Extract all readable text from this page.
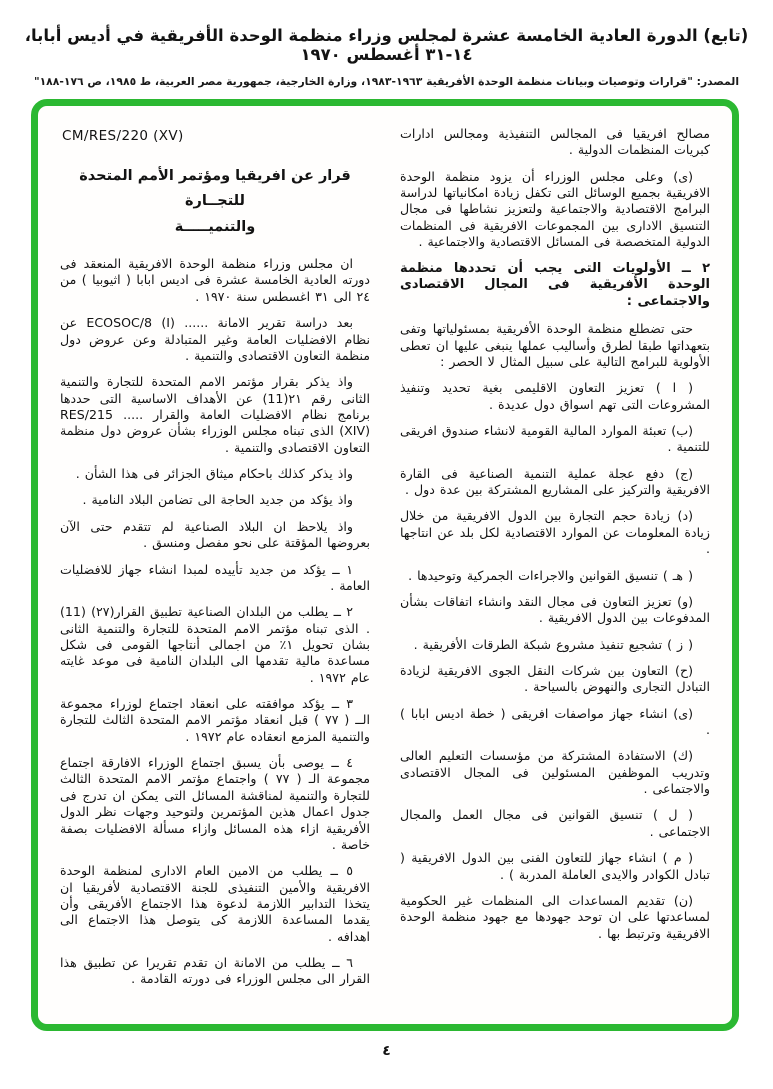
(تابع) الدورة العادية الخامسة عشرة لمجلس وزراء منظمة الوحدة الأفريقية في أديس أبابا، ١٤-٣١ أغسطس ١٩٧٠
المصدر: "قرارات وتوصيات وبيانات منظمة الوحدة الأفريقية ١٩٦٣-١٩٨٣، وزارة الخارجية، جمهورية مصر العربية، ط ١٩٨٥، ص ١٧٦-١٨٨"

مصالح افريقيا فى المجالس التنفيذية ومجالس ادارات كبريات المنظمات الدولية .

(ى) وعلى مجلس الوزراء أن يزود منظمة الوحدة الافريقية بجميع الوسائل التى تكفل زيادة امكانياتها لدراسة البرامج الاقتصادية والاجتماعية ولتعزيز نشاطها فى مجال التنسيق الادارى بين المجموعات الافريقية فى المنظمات الدولية المتخصصة فى المسائل الاقتصادية والاجتماعية .

٢ ــ الأولويات التى يجب أن تحددها منظمة الوحدة الأفريقية فى المجال الاقتصادى والاجتماعى :

حتى تضطلع منظمة الوحدة الأفريقية بمسئولياتها وتفى بتعهداتها طبقا لطرق وأساليب عملها ينبغى عليها ان تعطى الأولوية للبرامج التالية على سبيل المثال لا الحصر :

( ا ) تعزيز التعاون الاقليمى بغية تحديد وتنفيذ المشروعات التى تهم اسواق دول عديدة .

(ب) تعبئة الموارد المالية القومية لانشاء صندوق افريقى للتنمية .

(ج) دفع عجلة عملية التنمية الصناعية فى القارة الافريقية والتركيز على المشاريع المشتركة بين عدة دول .

(د) زيادة حجم التجارة بين الدول الافريقية من خلال زيادة المعلومات عن الموارد الاقتصادية لكل بلد عن انتاجها .

( هـ ) تنسيق القوانين والاجراءات الجمركية وتوحيدها .

(و) تعزيز التعاون فى مجال النقد وانشاء اتفاقات بشأن المدفوعات بين الدول الافريقية .

( ز ) تشجيع تنفيذ مشروع شبكة الطرقات الأفريقية .

(ح) التعاون بين شركات النقل الجوى الافريقية لزيادة التبادل التجارى والنهوض بالسياحة .

(ى) انشاء جهاز مواصفات افريقى ( خطة اديس ابابا ) .

(ك) الاستفادة المشتركة من مؤسسات التعليم العالى وتدريب الموظفين المسئولين فى المجال الاقتصادى والاجتماعى .

( ل ) تنسيق القوانين فى مجال العمل والمجال الاجتماعى .

( م ) انشاء جهاز للتعاون الفنى بين الدول الافريقية ( تبادل الكوادر والايدى العاملة المدربة ) .

(ن) تقديم المساعدات الى المنظمات غير الحكومية لمساعدتها على ان توحد جهودها مع جهود منظمة الوحدة الافريقية وترتبط بها .

CM/RES/220 (XV)
قرار عن افريقيا ومؤتمر الأمم المتحدة للتجــارة
والتنميـــــة

ان مجلس وزراء منظمة الوحدة الافريقية المنعقد فى دورته العادية الخامسة عشرة فى اديس ابابا ( اثيوبيا ) من ٢٤ الى ٣١ اغسطس سنة ١٩٧٠ .

بعد دراسة تقرير الامانة ...... ECOSOC/8 (I) عن نظام الافضليات العامة وغير المتبادلة وعن عروض دول منظمة التعاون الاقتصادى والتنمية .

واذ يذكر بقرار مؤتمر الامم المتحدة للتجارة والتنمية الثانى رقم ٢١(11) عن الأهداف الاساسية التى حددها برنامج نظام الافضليات العامة والقرار ..... RES/215 (XIV) الذى تبناه مجلس الوزراء بشأن عروض دول منظمة التعاون الاقتصادى والتنمية .

واذ يذكر كذلك باحكام ميثاق الجزائر فى هذا الشأن .

واذ يؤكد من جديد الحاجة الى تضامن البلاد النامية .

واذ يلاحظ ان البلاد الصناعية لم تتقدم حتى الآن بعروضها المؤقتة على نحو مفصل ومنسق .

١ ــ يؤكد من جديد تأييده لمبدا انشاء جهاز للافضليات العامة .

٢ ــ يطلب من البلدان الصناعية تطبيق القرار(٢٧) (11) . الذى تبناه مؤتمر الامم المتحدة للتجارة والتنمية الثانى بشان تحويل ١٪ من اجمالى أنتاجها القومى فى شكل مساعدة مالية تقدمها الى البلدان النامية فى موعد غايته عام ١٩٧٢ .

٣ ــ يؤكد موافقته على انعقاد اجتماع لوزراء مجموعة الــ ( ٧٧ ) قبل انعقاد مؤتمر الامم المتحدة الثالث للتجارة والتنمية المزمع انعقاده عام ١٩٧٢ .

٤ ــ يوصى بأن يسبق اجتماع الوزراء الافارقة اجتماع مجموعة الـ ( ٧٧ ) واجتماع مؤتمر الامم المتحدة الثالث للتجارة والتنمية لمناقشة المسائل التى يمكن ان تدرج فى جدول اعمال هذين المؤتمرين ولتوحيد وجهات نظر الدول الأفريقية ازاء هذه المسائل وازاء مسألة الافضليات بصفة خاصة .

٥ ــ يطلب من الامين العام الادارى لمنظمة الوحدة الافريقية والأمين التنفيذى للجنة الاقتصادية لأفريقيا ان يتخذا التدابير اللازمة لدعوة هذا الاجتماع الأفريقى وأن يقدما المساعدة اللازمة كى يتوصل هذا الاجتماع الى اهدافه .

٦ ــ يطلب من الامانة ان تقدم تقريرا عن تطبيق هذا القرار الى مجلس الوزراء فى دورته القادمة .

٤
